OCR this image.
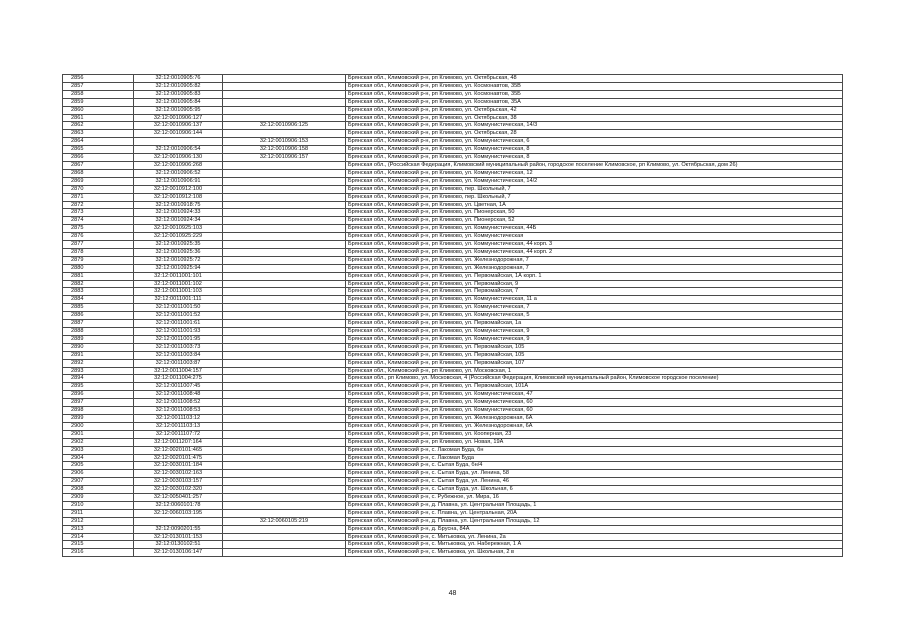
2856	32:12:0010905:76		Брянская обл., Климовский р-н, рп Климово, ул. Октябрьская, 48
2857	32:12:0010905:82		Брянская обл., Климовский р-н, рп Климово, ул. Космонавтов, 35В
2858	32:12:0010905:83		Брянская обл., Климовский р-н, рп Климово, ул. Космонавтов, 35Б
2859	32:12:0010905:84		Брянская обл., Климовский р-н, рп Климово, ул. Космонавтов, 35А
2860	32:12:0010905:95		Брянская обл., Климовский р-н, рп Климово, ул. Октябрьская, 42
2861	32:12:0010906:127		Брянская обл., Климовский р-н, рп Климово, ул. Октябрьская, 38
2862	32:12:0010906:137	32:12:0010906:125	Брянская обл., Климовский р-н, рп Климово, ул. Коммунистическая, 14/3
2863	32:12:0010906:144		Брянская обл., Климовский р-н, рп Климово, ул. Октябрьская, 28
2864		32:12:0010906:153	Брянская обл., Климовский р-н, рп Климово, ул. Коммунистическая, 6
2865	32:12:0010906:54	32:12:0010906:158	Брянская обл., Климовский р-н, рп Климово, ул. Коммунистическая, 8
2866	32:12:0010906:130	32:12:0010906:157	Брянская обл., Климовский р-н, рп Климово, ул. Коммунистическая, 8
2867	32:12:0010906:268		Брянская обл., (Российская Федерация, Климовский муниципальный район, городское поселение Климовское, рп Климово, ул. Октябрьская, дом 26)
2868	32:12:0010906:52		Брянская обл., Климовский р-н, рп Климово, ул. Коммунистическая, 12
2869	32:12:0010906:91		Брянская обл., Климовский р-н, рп Климово, ул. Коммунистическая, 14/2
2870	32:12:0010912:100		Брянская обл., Климовский р-н, рп Климово, пер. Школьный, 7
2871	32:12:0010912:108		Брянская обл., Климовский р-н, рп Климово, пер. Школьный, 7
2872	32:12:0010918:75		Брянская обл., Климовский р-н, рп Климово, ул. Цветная, 1А
2873	32:12:0010924:33		Брянская обл., Климовский р-н, рп Климово, ул. Пионерская, 50
2874	32:12:0010924:34		Брянская обл., Климовский р-н, рп Климово, ул. Пионерская, 52
2875	32:12:0010925:103		Брянская обл., Климовский р-н, рп Климово, ул. Коммунистическая, 44Б
2876	32:12:0010925:229		Брянская обл., Климовский р-н, рп Климово, ул. Коммунистическая
2877	32:12:0010925:35		Брянская обл., Климовский р-н, рп Климово, ул. Коммунистическая, 44 корп. 3
2878	32:12:0010925:36		Брянская обл., Климовский р-н, рп Климово, ул. Коммунистическая, 44 корп. 2
2879	32:12:0010925:72		Брянская обл., Климовский р-н, рп Климово, ул. Железнодорожная, 7
2880	32:12:0010925:94		Брянская обл., Климовский р-н, рп Климово, ул. Железнодорожная, 7
2881	32:12:0011001:101		Брянская обл., Климовский р-н, рп Климово, ул. Первомайская, 1А корп. 1
2882	32:12:0011001:102		Брянская обл., Климовский р-н, рп Климово, ул. Первомайская, 9
2883	32:12:0011001:103		Брянская обл., Климовский р-н, рп Климово, ул. Первомайская, 7
2884	32:12:0011001:111		Брянская обл., Климовский р-н, рп Климово, ул. Коммунистическая, 11 а
2885	32:12:0011001:50		Брянская обл., Климовский р-н, рп Климово, ул. Коммунистическая, 7
2886	32:12:0011001:52		Брянская обл., Климовский р-н, рп Климово, ул. Коммунистическая, 5
2887	32:12:0011001:61		Брянская обл., Климовский р-н, рп Климово, ул. Первомайская, 1а
2888	32:12:0011001:93		Брянская обл., Климовский р-н, рп Климово, ул. Коммунистическая, 9
2889	32:12:0011001:95		Брянская обл., Климовский р-н, рп Климово, ул. Коммунистическая, 9
2890	32:12:0011003:73		Брянская обл., Климовский р-н, рп Климово, ул. Первомайская, 105
2891	32:12:0011003:84		Брянская обл., Климовский р-н, рп Климово, ул. Первомайская, 105
2892	32:12:0011003:87		Брянская обл., Климовский р-н, рп Климово, ул. Первомайская, 107
2893	32:12:0011004:157		Брянская обл., Климовский р-н, рп Климово, ул. Московская, 1
2894	32:12:0011004:275		Брянская обл., рп Климово, ул. Московская, 4 (Российская Федерация, Климовский муниципальный район, Климовское городское поселение)
2895	32:12:0011007:45		Брянская обл., Климовский р-н, рп Климово, ул. Первомайская, 101А
2896	32:12:0011008:48		Брянская обл., Климовский р-н, рп Климово, ул. Коммунистическая, 47
2897	32:12:0011008:52		Брянская обл., Климовский р-н, рп Климово, ул. Коммунистическая, 60
2898	32:12:0011008:53		Брянская обл., Климовский р-н, рп Климово, ул. Коммунистическая, 60
2899	32:12:0011103:12		Брянская обл., Климовский р-н, рп Климово, ул. Железнодорожная, 6А
2900	32:12:0011103:13		Брянская обл., Климовский р-н, рп Климово, ул. Железнодорожная, 6А
2901	32:12:0011107:72		Брянская обл., Климовский р-н, рп Климово, ул. Кооперная, 23
2902	32:12:0011207:164		Брянская обл., Климовский р-н, рп Климово, ул. Новая, 19А
2903	32:12:0020101:465		Брянская обл., Климовский р-н, с. Лакомая Буда, бн
2904	32:12:0020101:475		Брянская обл., Климовский р-н, с. Лакомая Буда
2905	32:12:0030101:184		Брянская обл., Климовский р-н, с. Сытая Буда, бн/4
2906	32:12:0030102:163		Брянская обл., Климовский р-н, с. Сытая Буда, ул. Ленина, 58
2907	32:12:0030103:157		Брянская обл., Климовский р-н, с. Сытая Буда, ул. Ленина, 46
2908	32:12:0030102:320		Брянская обл., Климовский р-н, с. Сытая Буда, ул. Школьная, 6
2909	32:12:0050401:257		Брянская обл., Климовский р-н, с. Рубежное, ул. Мира, 16
2910	32:12:0060101:78		Брянская обл., Климовский р-н, д. Плавна, ул. Центральная Площадь, 1
2911	32:12:0060103:195		Брянская обл., Климовский р-н, с. Плавна, ул. Центральная, 20А
2912		32:12:0060105:219	Брянская обл., Климовский р-н, д. Плавна, ул. Центральная Площадь, 12
2913	32:12:0090201:55		Брянская обл., Климовский р-н, д. Брусна, 84А
2914	32:12:0130101:153		Брянская обл., Климовский р-н, с. Митьковка, ул. Ленина, 2а
2915	32:12:0130102:51		Брянская обл., Климовский р-н, с. Митьковка, ул. Набережная, 1 А
2916	32:12:0130106:147		Брянская обл., Климовский р-н, с. Митьковка, ул. Школьная, 2 в
48
